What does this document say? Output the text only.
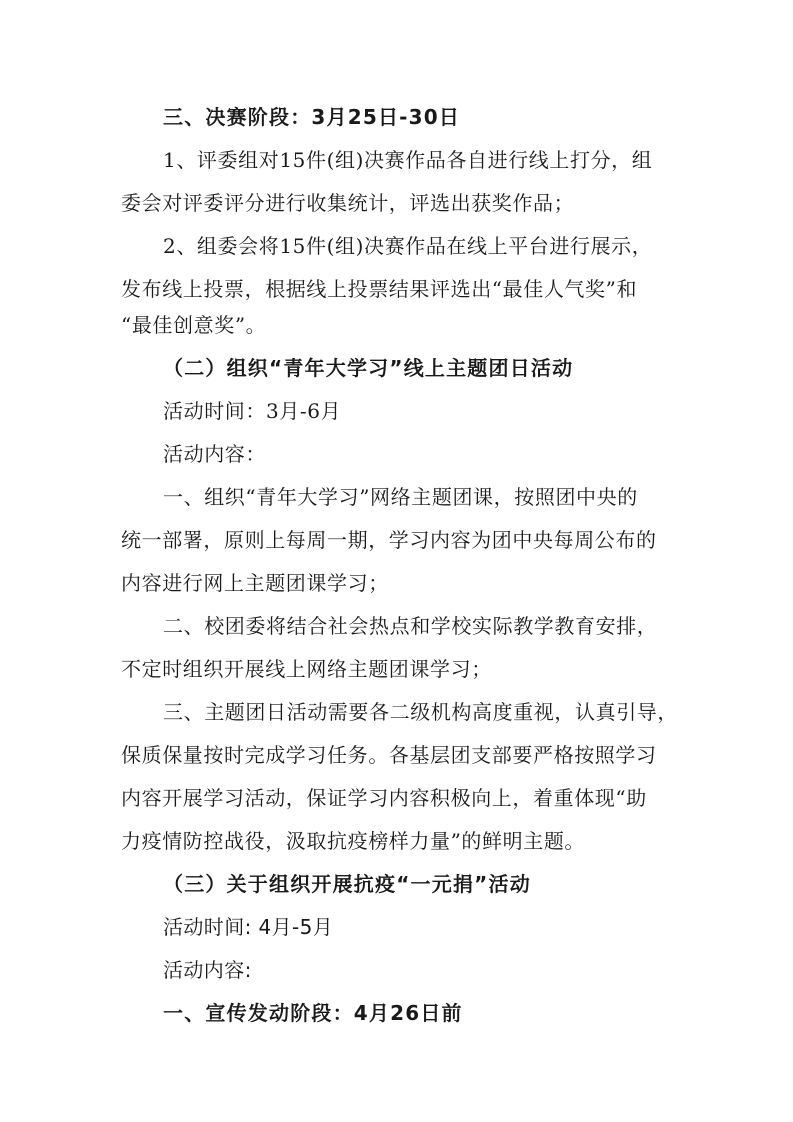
三、决赛阶段：3月25日-30日
1、评委组对15件(组)决赛作品各自进行线上打分，组
委会对评委评分进行收集统计，评选出获奖作品；
2、组委会将15件(组)决赛作品在线上平台进行展示，
发布线上投票，根据线上投票结果评选出“最佳人气奖”和
“最佳创意奖”。
（二）组织“青年大学习”线上主题团日活动
活动时间：3月-6月
活动内容：
一、组织“青年大学习”网络主题团课，按照团中央的
统一部署，原则上每周一期，学习内容为团中央每周公布的
内容进行网上主题团课学习；
二、校团委将结合社会热点和学校实际教学教育安排，
不定时组织开展线上网络主题团课学习；
三、主题团日活动需要各二级机构高度重视，认真引导，
保质保量按时完成学习任务。各基层团支部要严格按照学习
内容开展学习活动，保证学习内容积极向上，着重体现“助
力疫情防控战役，汲取抗疫榜样力量”的鲜明主题。
（三）关于组织开展抗疫“一元捐”活动
活动时间: 4月-5月
活动内容:
一、宣传发动阶段：4月26日前
